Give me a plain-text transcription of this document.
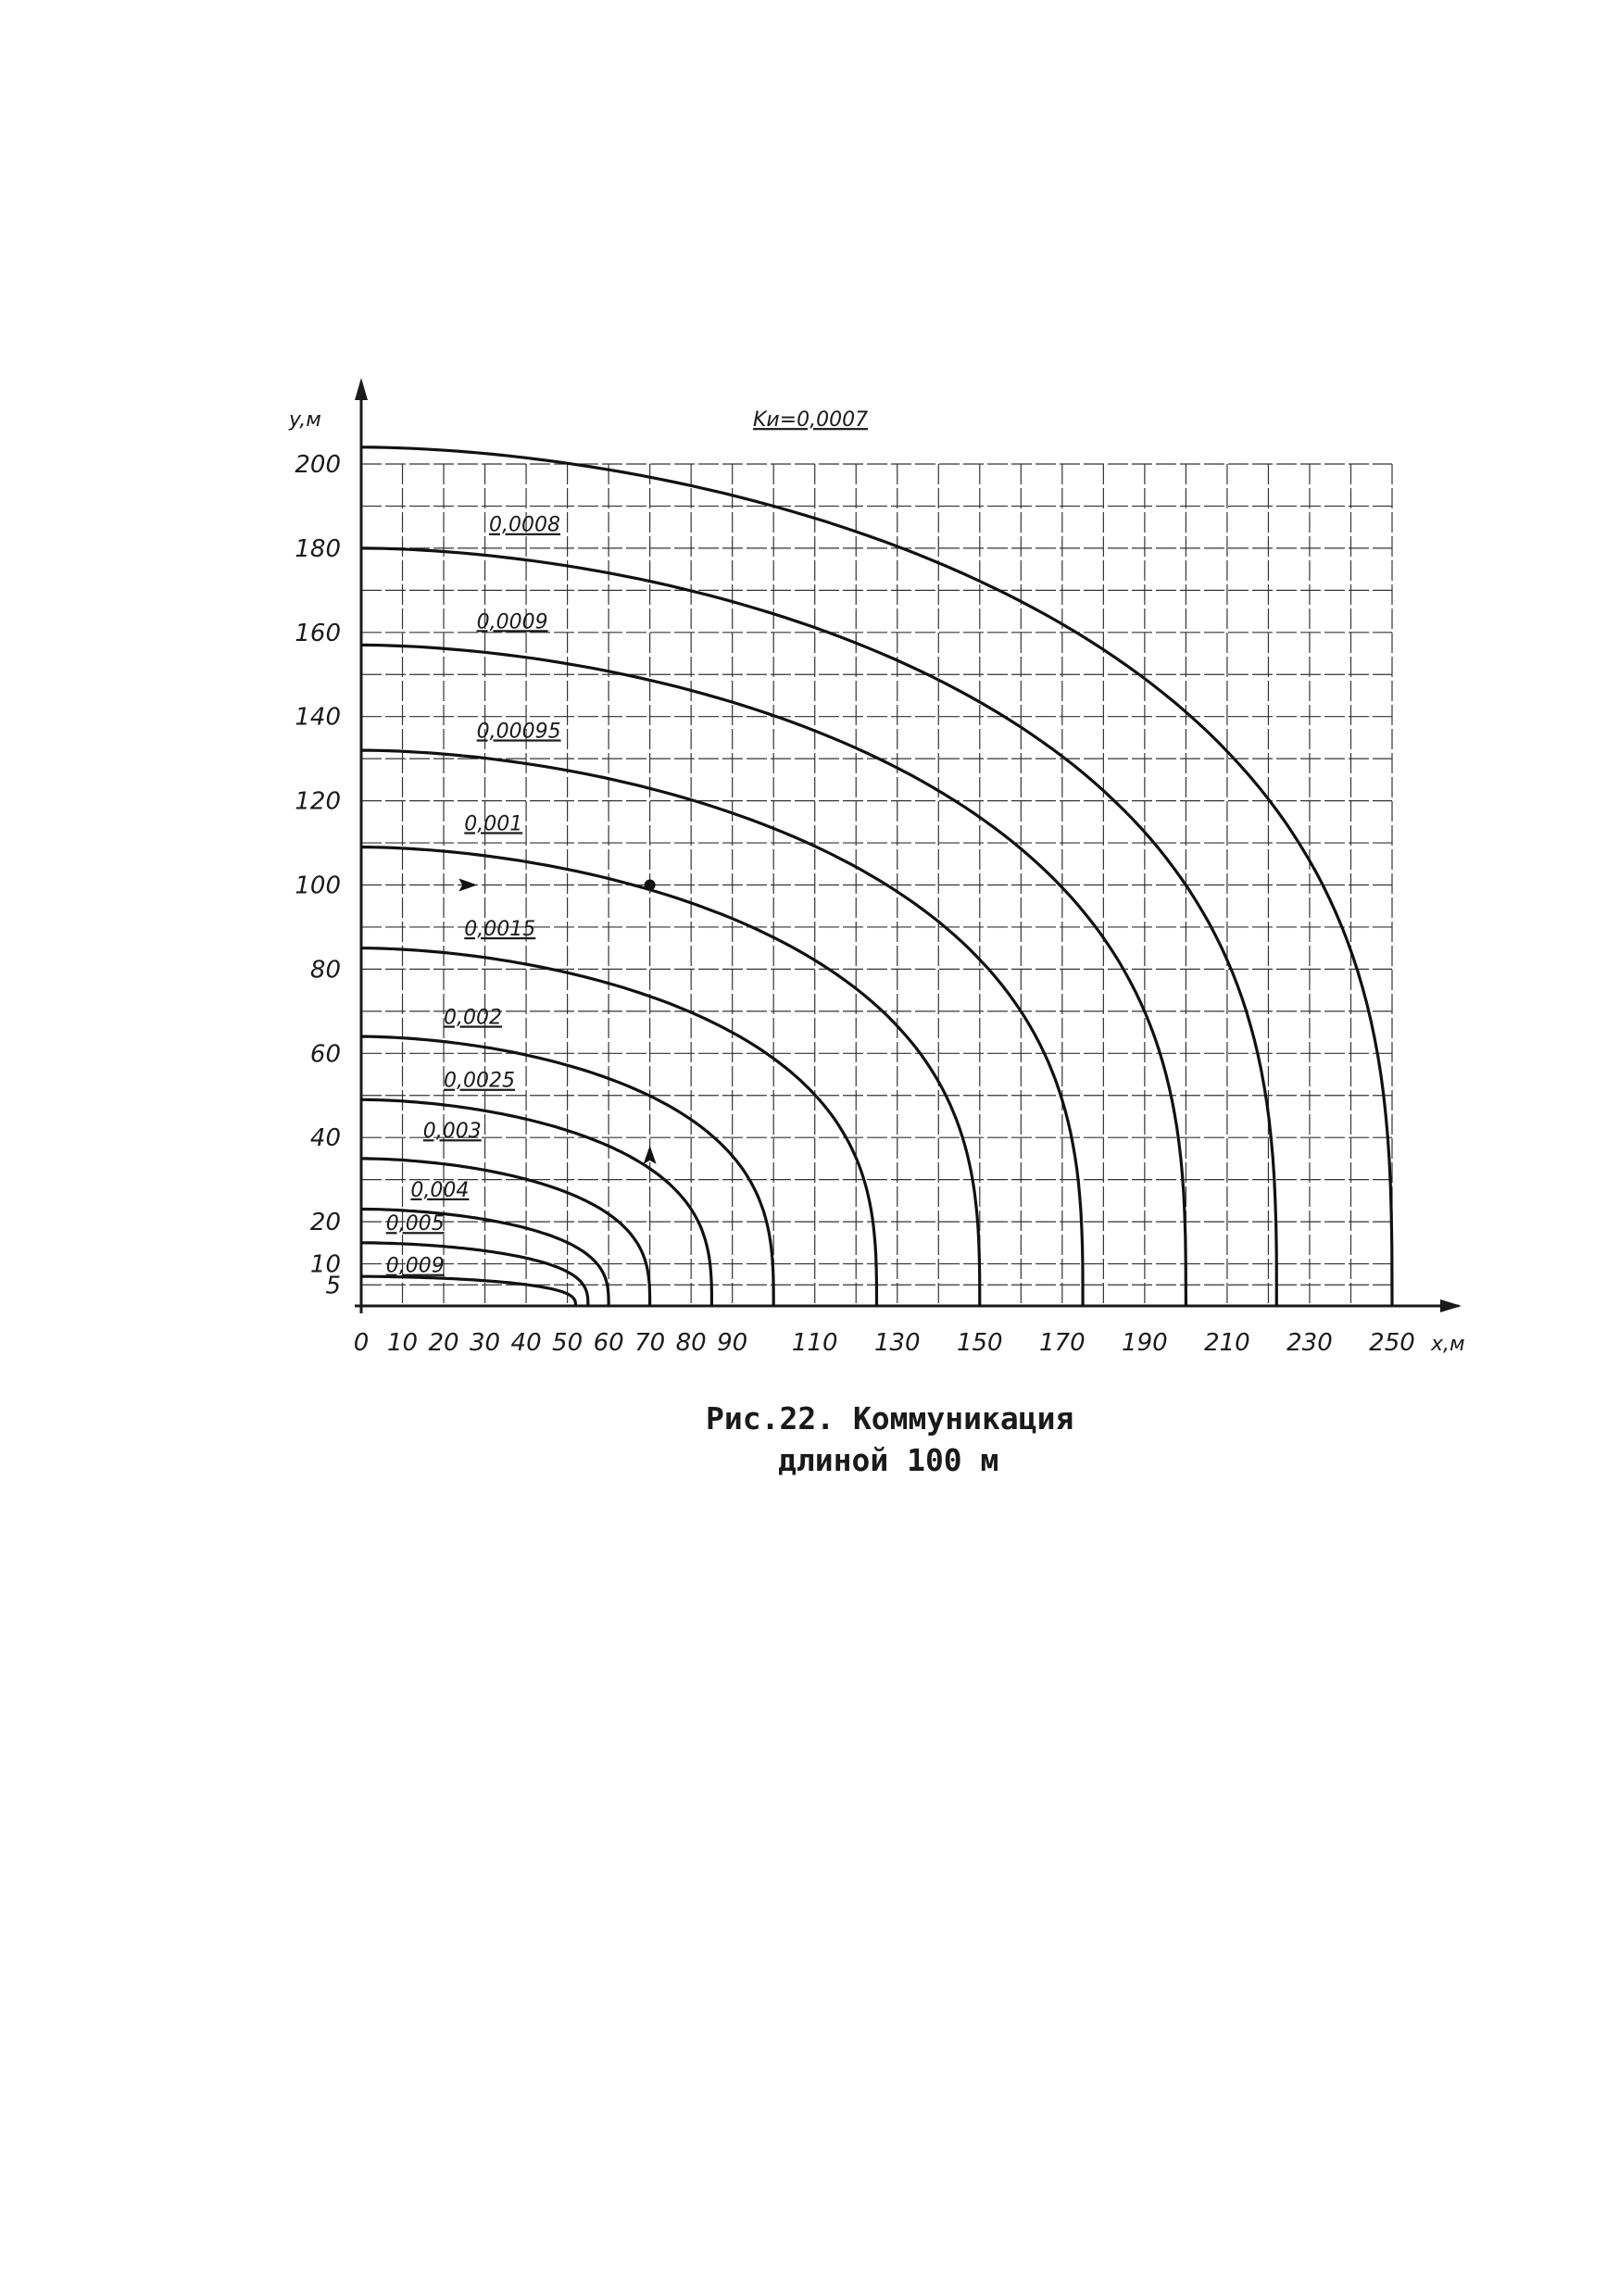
0 10 20 30 40 50 60 70 80 90 110 130 150 170 190 210 230 250
5
10
20
40
60
80
100
120
140
160
180
200
Kи=0,0007
0,0008
0,0009
0,00095
0,001
0,0015
0,002
0,0025
0,003
0,004
0,005
0,009
y,м
x,м
Рис.22. Коммуникация
длиной 100 м
